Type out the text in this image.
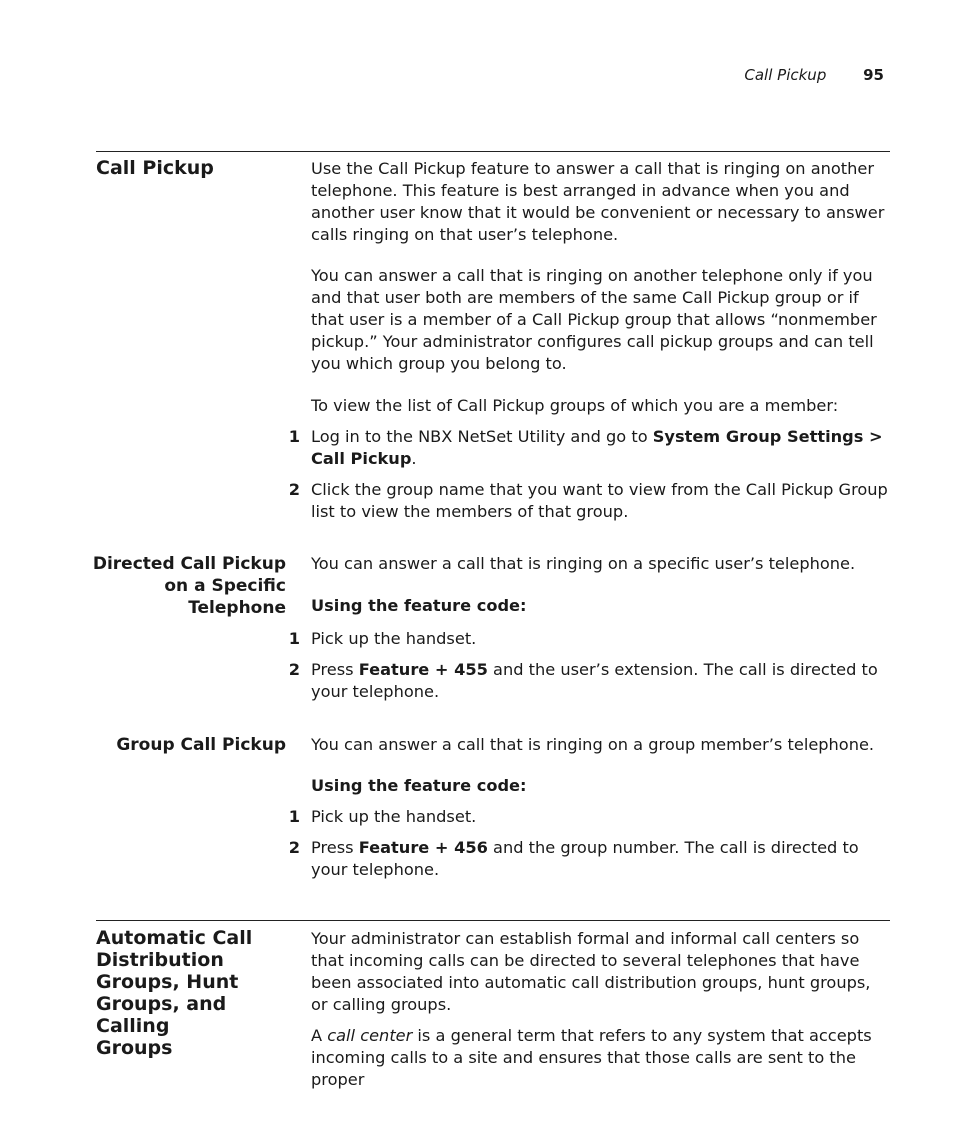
Call Pickup 95
Call Pickup	Use the Call Pickup feature to answer a call that is ringing on another telephone. This feature is best arranged in advance when you and another user know that it would be convenient or necessary to answer calls ringing on that user’s telephone.

You can answer a call that is ringing on another telephone only if you and that user both are members of the same Call Pickup group or if that user is a member of a Call Pickup group that allows “nonmember pickup.” Your administrator configures call pickup groups and can tell you which group you belong to.

To view the list of Call Pickup groups of which you are a member:

1 Log in to the NBX NetSet Utility and go to System Group Settings > Call Pickup.

2 Click the group name that you want to view from the Call Pickup Group list to view the members of that group.

Directed Call Pickup
on a Specific
Telephone

You can answer a call that is ringing on a specific user’s telephone.

Using the feature code:
1 Pick up the handset.

2 Press Feature + 455 and the user’s extension. The call is directed to your telephone.

Group Call Pickup You can answer a call that is ringing on a group member’s telephone.

Using the feature code:
1 Pick up the handset.

2 Press Feature + 456 and the group number. The call is directed to your telephone.

Automatic Call
Distribution
Groups, Hunt
Groups, and Calling
Groups

Your administrator can establish formal and informal call centers so that incoming calls can be directed to several telephones that have been associated into automatic call distribution groups, hunt groups, or calling groups.

A call center is a general term that refers to any system that accepts incoming calls to a site and ensures that those calls are sent to the proper
